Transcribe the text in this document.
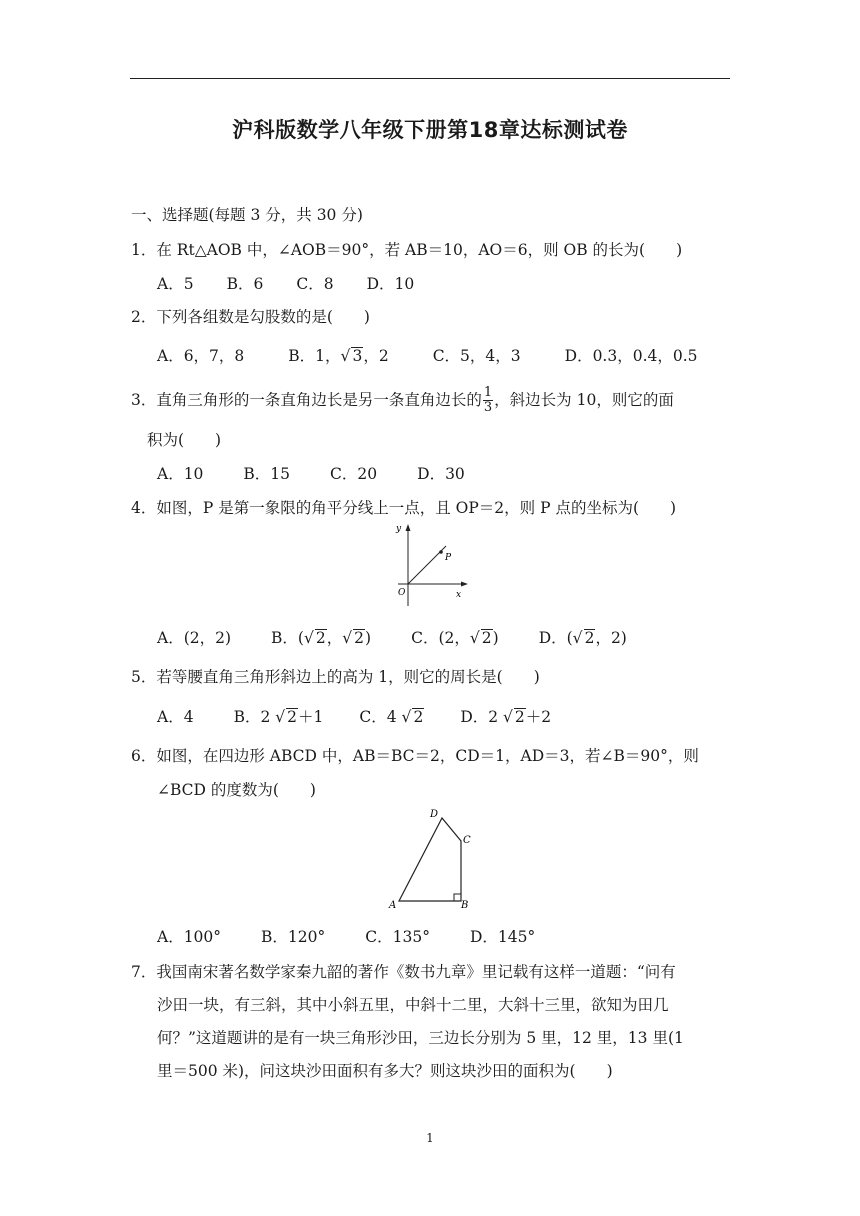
沪科版数学八年级下册第18章达标测试卷
一、选择题(每题 3 分，共 30 分)
1．在 Rt△AOB 中，∠AOB＝90°，若 AB＝10，AO＝6，则 OB 的长为(　　)
A．5 B．6 C．8 D．10
2．下列各组数是勾股数的是(　　)
A．6，7，8	B．1，√ 3，2	C．5，4，3	D．0.3，0.4，0.5
3．直角三角形的一条直角边长是另一条直角边长的 $\frac{1}{3}$ ，斜边长为 10，则它的面
积为(　　)
A．10	B．15	C．20	D．30
4．如图，P 是第一象限的角平分线上一点，且 OP＝2，则 P 点的坐标为(　　)
y
x
O
P
A．(2，2)	B．(√ 2，√ 2)	C．(2，√ 2)	D．(√ 2，2)
5．若等腰直角三角形斜边上的高为 1，则它的周长是(　　)
A．4	B．2 √ 2＋1 C．4 √ 2 D．2 √ 2＋2
6．如图，在四边形 ABCD 中，AB＝BC＝2，CD＝1，AD＝3，若∠B＝90°，则
∠BCD 的度数为(　　)
A	B
C
D
A．100°	B．120°	C．135°	D．145°
7．我国南宋著名数学家秦九韶的著作《数书九章》里记载有这样一道题：“问有
沙田一块，有三斜，其中小斜五里，中斜十二里，大斜十三里，欲知为田几
何？”这道题讲的是有一块三角形沙田，三边长分别为 5 里，12 里，13 里(1
里＝500 米)，问这块沙田面积有多大？则这块沙田的面积为(　　)
1
